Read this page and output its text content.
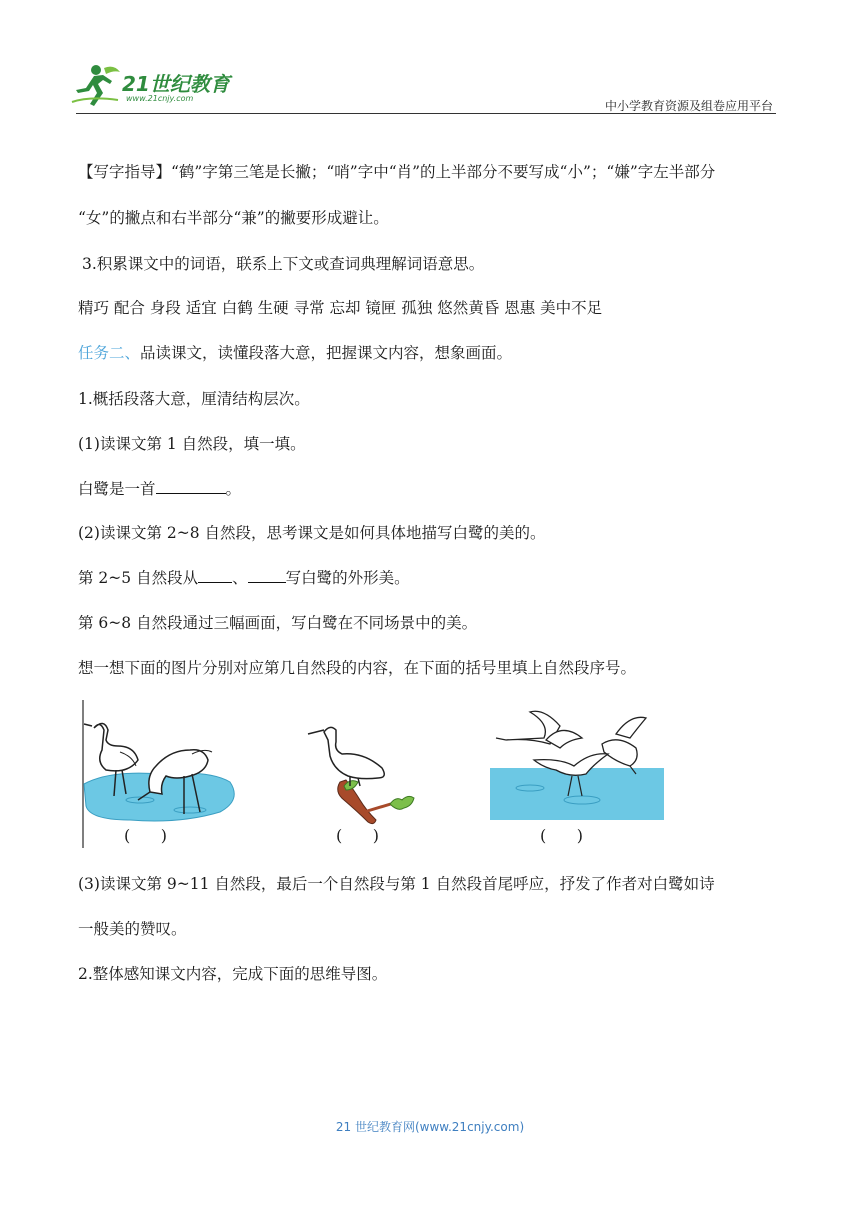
21世纪教育
www.21cnjy.com
中小学教育资源及组卷应用平台
【写字指导】“鹤”字第三笔是长撇；“哨”字中“肖”的上半部分不要写成“小”；“嫌”字左半部分
“女”的撇点和右半部分“兼”的撇要形成避让。
3.积累课文中的词语，联系上下文或查词典理解词语意思。
精巧 配合 身段 适宜 白鹤 生硬 寻常 忘却 镜匣 孤独 悠然黄昏 恩惠 美中不足
任务二、品读课文，读懂段落大意，把握课文内容，想象画面。
1.概括段落大意，厘清结构层次。
(1)读课文第 1 自然段，填一填。
白鹭是一首	。
(2)读课文第 2~8 自然段，思考课文是如何具体地描写白鹭的美的。
第 2~5 自然段从 、 写白鹭的外形美。
第 6~8 自然段通过三幅画面，写白鹭在不同场景中的美。
想一想下面的图片分别对应第几自然段的内容，在下面的括号里填上自然段序号。
(      )	(      )	(      )
(3)读课文第 9~11 自然段，最后一个自然段与第 1 自然段首尾呼应，抒发了作者对白鹭如诗
一般美的赞叹。
2.整体感知课文内容，完成下面的思维导图。
21 世纪教育网(www.21cnjy.com)
